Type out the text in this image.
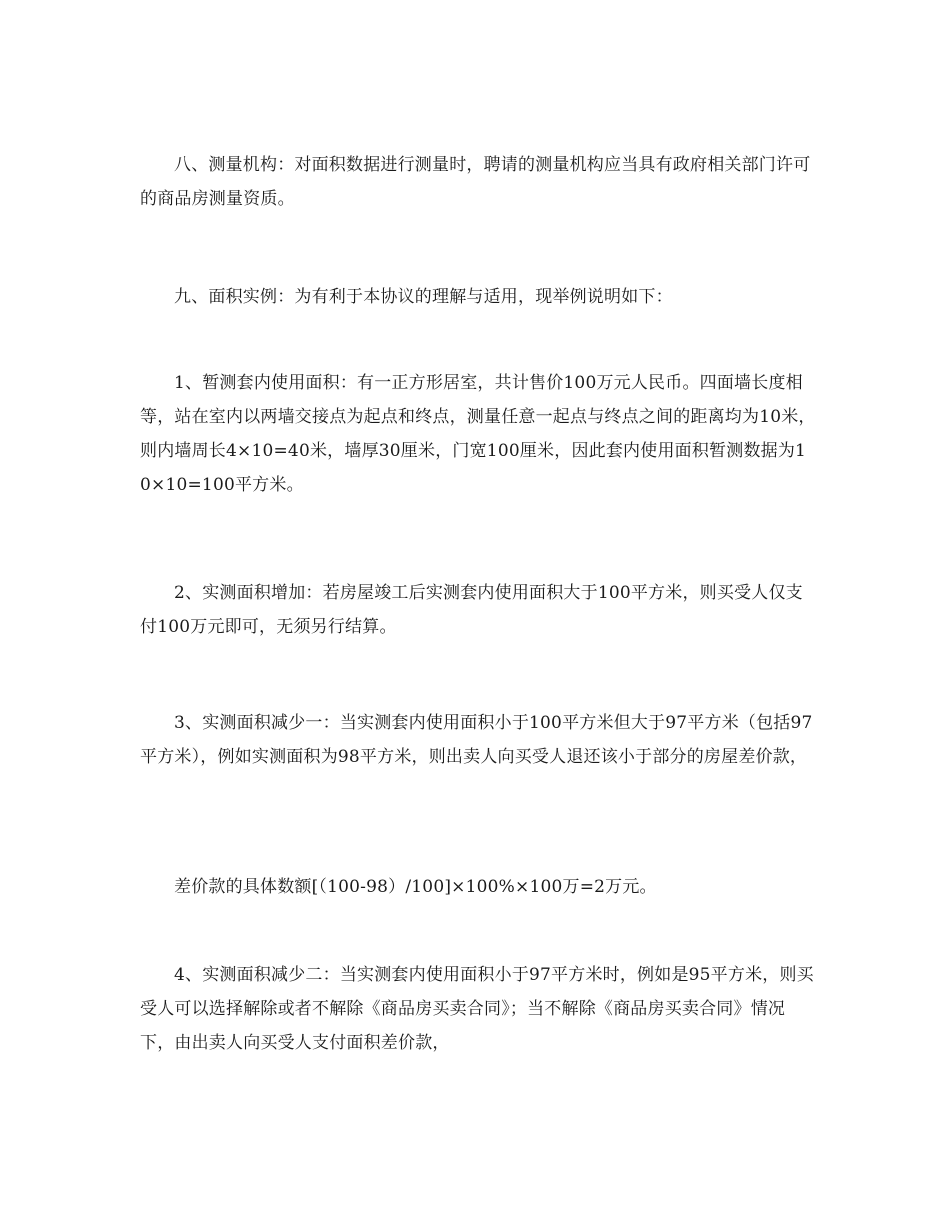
八、测量机构：对面积数据进行测量时，聘请的测量机构应当具有政府相关部门许可的商品房测量资质。

九、面积实例：为有利于本协议的理解与适用，现举例说明如下：

1、暂测套内使用面积：有一正方形居室，共计售价100万元人民币。四面墙长度相等，站在室内以两墙交接点为起点和终点，测量任意一起点与终点之间的距离均为10米，则内墙周长4×10=40米，墙厚30厘米，门宽100厘米，因此套内使用面积暂测数据为10×10=100平方米。

2、实测面积增加：若房屋竣工后实测套内使用面积大于100平方米，则买受人仅支付100万元即可，无须另行结算。

3、实测面积减少一：当实测套内使用面积小于100平方米但大于97平方米（包括97平方米），例如实测面积为98平方米，则出卖人向买受人退还该小于部分的房屋差价款，

差价款的具体数额[（100-98）/100]×100%×100万=2万元。

4、实测面积减少二：当实测套内使用面积小于97平方米时，例如是95平方米，则买受人可以选择解除或者不解除《商品房买卖合同》；当不解除《商品房买卖合同》情况下，由出卖人向买受人支付面积差价款，
